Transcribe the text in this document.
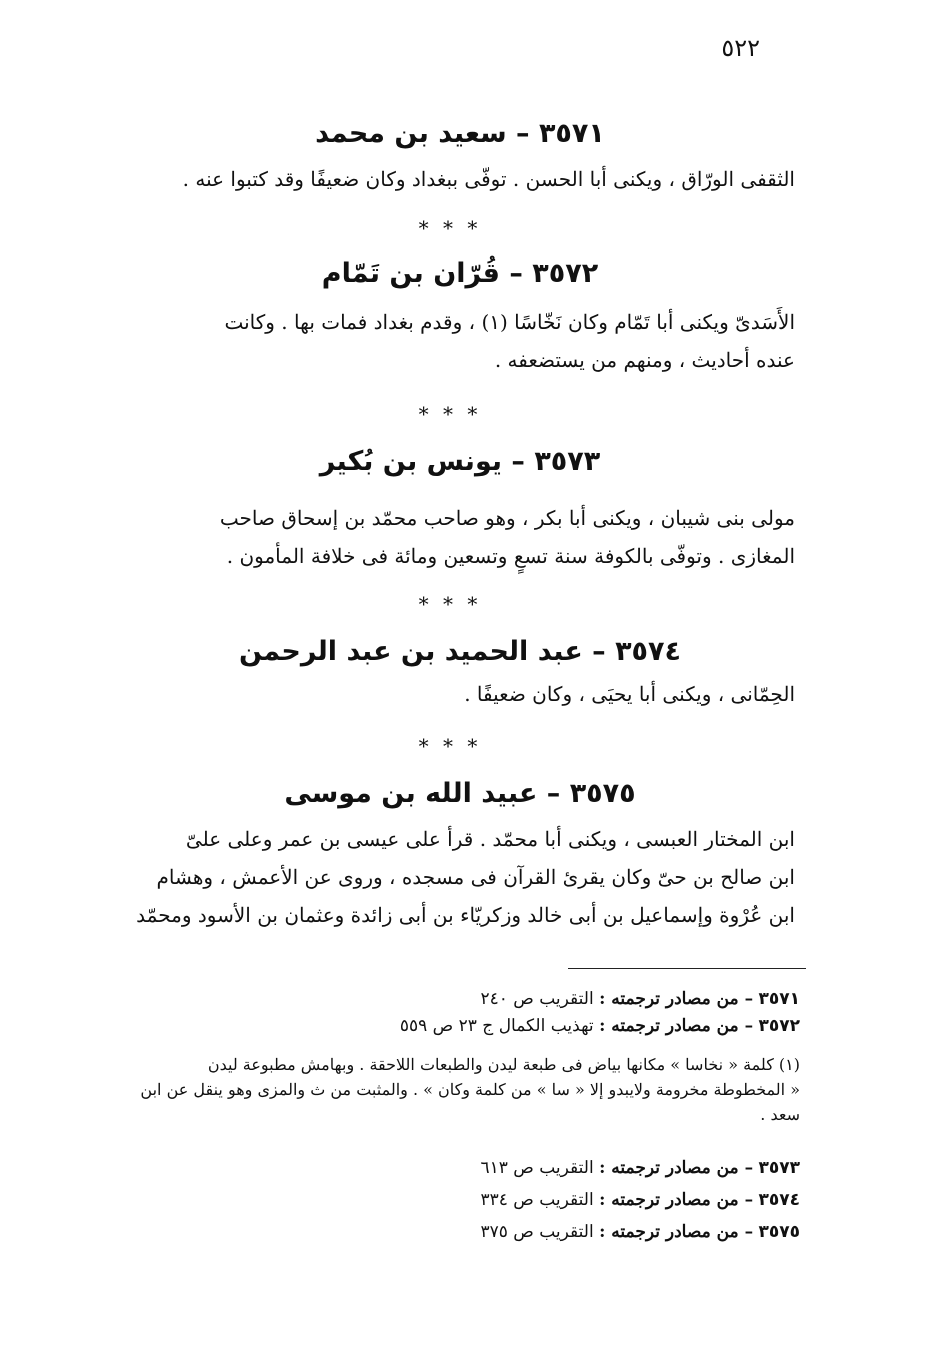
٥٢٢
٣٥٧١ – سعيد بن محمد
الثقفى الورّاق ، ويكنى أبا الحسن . توفّى ببغداد وكان ضعيفًا وقد كتبوا عنه .
* * *
٣٥٧٢ – قُرّان بن تَمّام
الأَسَدىّ ويكنى أبا تَمّام وكان نَخّاسًا (١) ، وقدم بغداد فمات بها . وكانت
عنده أحاديث ، ومنهم من يستضعفه .
* * *
٣٥٧٣ – يونس بن بُكير
مولى بنى شيبان ، ويكنى أبا بكر ، وهو صاحب محمّد بن إسحاق صاحب
المغازى . وتوفّى بالكوفة سنة تسعٍ وتسعين ومائة فى خلافة المأمون .
* * *
٣٥٧٤ – عبد الحميد بن عبد الرحمن
الحِمّانى ، ويكنى أبا يحيَى ، وكان ضعيفًا .
* * *
٣٥٧٥ – عبيد الله بن موسى
ابن المختار العبسى ، ويكنى أبا محمّد . قرأ على عيسى بن عمر وعلى علىّ
ابن صالح بن حىّ وكان يقرئ القرآن فى مسجده ، وروى عن الأعمش ، وهشام
ابن عُرْوة وإسماعيل بن أبى خالد وزكريّاء بن أبى زائدة وعثمان بن الأسود ومحمّد
٣٥٧١ – من مصادر ترجمته : التقريب ص ٢٤٠
٣٥٧٢ – من مصادر ترجمته : تهذيب الكمال ج ٢٣ ص ٥٥٩
(١) كلمة « نخاسا » مكانها بياض فى طبعة ليدن والطبعات اللاحقة . وبهامش مطبوعة ليدن
« المخطوطة مخرومة ولايبدو إلا « سا » من كلمة وكان » . والمثبت من ث والمزى وهو ينقل عن ابن
سعد .
٣٥٧٣ – من مصادر ترجمته : التقريب ص ٦١٣
٣٥٧٤ – من مصادر ترجمته : التقريب ص ٣٣٤
٣٥٧٥ – من مصادر ترجمته : التقريب ص ٣٧٥
